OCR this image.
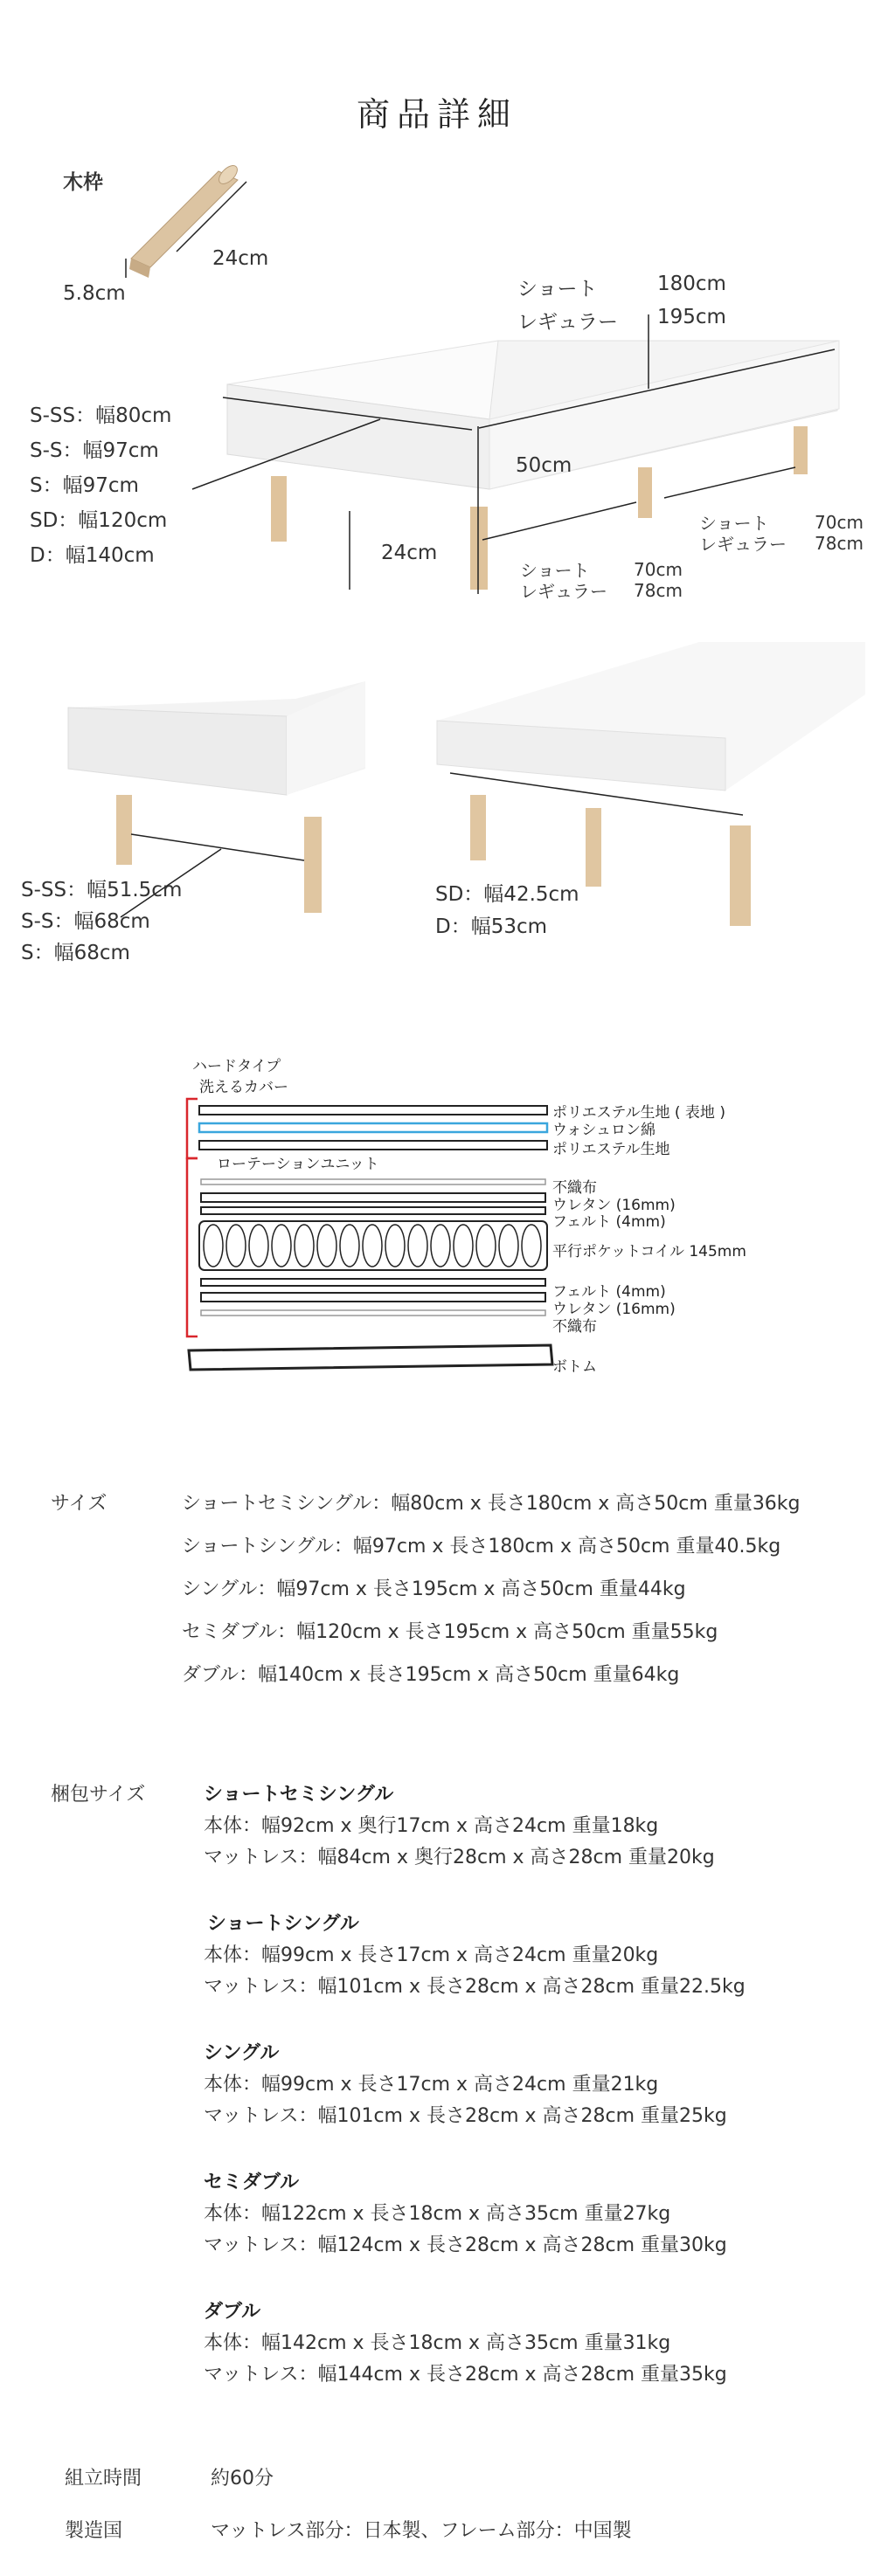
商品詳細
木枠
24cm
5.8cm	ショート	180cm
レギュラー 195cm
S-SS：幅80cm
S-S：幅97cm
S：幅97cm
SD：幅120cm
D：幅140cm
50cm
24cm
ショート	70cm
レギュラー 78cm
ショート	70cm
レギュラー 78cm
S-SS：幅51.5cm
S-S：幅68cm
S：幅68cm
SD：幅42.5cm
D：幅53cm
ハードタイプ
洗えるカバー
ローテーションユニット
ポリエステル生地 ( 表地 )
ウォシュロン綿
ポリエステル生地
不織布
ウレタン (16mm)
フェルト (4mm)
平行ポケットコイル 145mm
フェルト (4mm)
ウレタン (16mm)
不織布
ボトム
サイズ	ショートセミシングル：幅80cm x 長さ180cm x 高さ50cm 重量36kg
ショートシングル：幅97cm x 長さ180cm x 高さ50cm 重量40.5kg
シングル：幅97cm x 長さ195cm x 高さ50cm 重量44kg
セミダブル：幅120cm x 長さ195cm x 高さ50cm 重量55kg
ダブル：幅140cm x 長さ195cm x 高さ50cm 重量64kg
梱包サイズ	ショートセミシングル
本体：幅92cm x 奥行17cm x 高さ24cm 重量18kg
マットレス：幅84cm x 奥行28cm x 高さ28cm 重量20kg
ショートシングル
本体：幅99cm x 長さ17cm x 高さ24cm 重量20kg
マットレス：幅101cm x 長さ28cm x 高さ28cm 重量22.5kg
シングル
本体：幅99cm x 長さ17cm x 高さ24cm 重量21kg
マットレス：幅101cm x 長さ28cm x 高さ28cm 重量25kg
セミダブル
本体：幅122cm x 長さ18cm x 高さ35cm 重量27kg
マットレス：幅124cm x 長さ28cm x 高さ28cm 重量30kg
ダブル
本体：幅142cm x 長さ18cm x 高さ35cm 重量31kg
マットレス：幅144cm x 長さ28cm x 高さ28cm 重量35kg
組立時間	約60分
製造国	マットレス部分：日本製、フレーム部分：中国製
